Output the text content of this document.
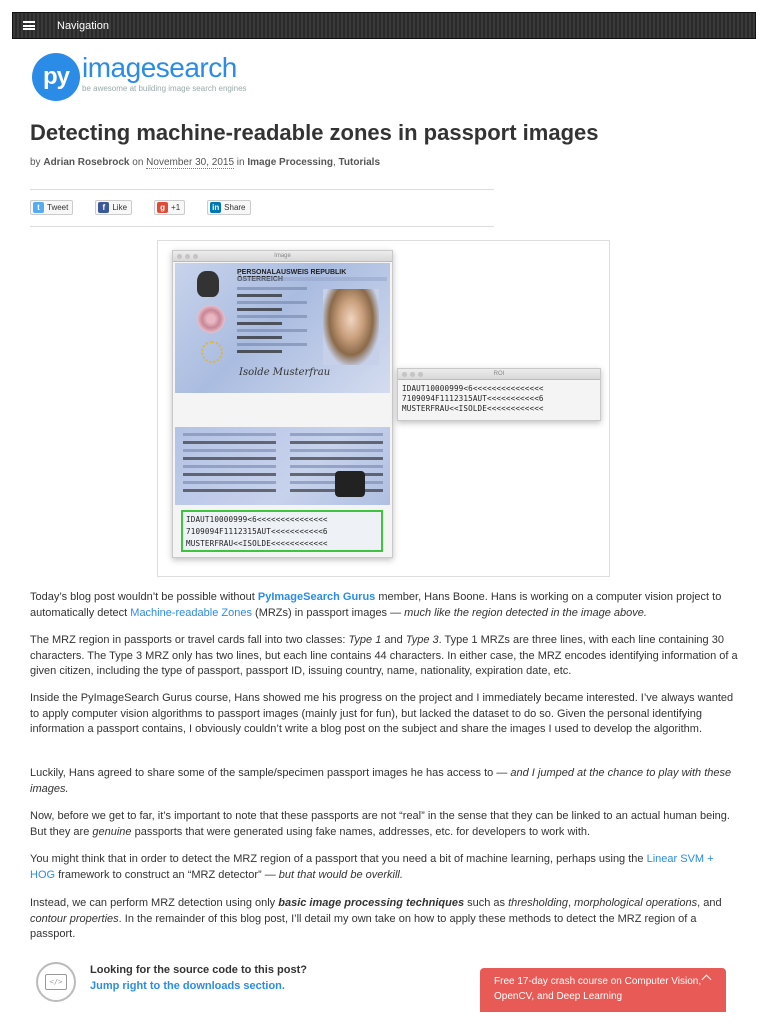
Navigation
py imagesearch
be awesome at building image search engines
Detecting machine-readable zones in passport images
by Adrian Rosebrock on November 30, 2015 in Image Processing, Tutorials
t Tweet	f Like	g +1	in Share
Image
PERSONALAUSWEIS REPUBLIK
Isolde Musterfrau
IDAUT10000999<6<<<<<<<<<<<<<<<
7109094F1112315AUT<<<<<<<<<<<6
MUSTERFRAU<<ISOLDE<<<<<<<<<<<<
ROI
IDAUT10000999<6<<<<<<<<<<<<<<<
7109094F1112315AUT<<<<<<<<<<<6
MUSTERFRAU<<ISOLDE<<<<<<<<<<<<

Today’s blog post wouldn’t be possible without PyImageSearch Gurus member, Hans Boone. Hans is working on a computer vision project to automatically detect Machine-readable Zones (MRZs) in passport images — much like the region detected in the image above.

The MRZ region in passports or travel cards fall into two classes: Type 1 and Type 3. Type 1 MRZs are three lines, with each line containing 30 characters. The Type 3 MRZ only has two lines, but each line contains 44 characters. In either case, the MRZ encodes identifying information of a given citizen, including the type of passport, passport ID, issuing country, name, nationality, expiration date, etc.

Inside the PyImageSearch Gurus course, Hans showed me his progress on the project and I immediately became interested. I’ve always wanted to apply computer vision algorithms to passport images (mainly just for fun), but lacked the dataset to do so. Given the personal identifying information a passport contains, I obviously couldn’t write a blog post on the subject and share the images I used to develop the algorithm.

Luckily, Hans agreed to share some of the sample/specimen passport images he has access to — and I jumped at the chance to play with these images.

Now, before we get to far, it’s important to note that these passports are not “real” in the sense that they can be linked to an actual human being. But they are genuine passports that were generated using fake names, addresses, etc. for developers to work with.

You might think that in order to detect the MRZ region of a passport that you need a bit of machine learning, perhaps using the Linear SVM + HOG framework to construct an “MRZ detector” — but that would be overkill.

Instead, we can perform MRZ detection using only basic image processing techniques such as thresholding, morphological operations, and contour properties. In the remainder of this blog post, I’ll detail my own take on how to apply these methods to detect the MRZ region of a passport.

</>
Looking for the source code to this post?
Jump right to the downloads section.	Free 17-day crash course on Computer Vision, OpenCV, and Deep Learning
